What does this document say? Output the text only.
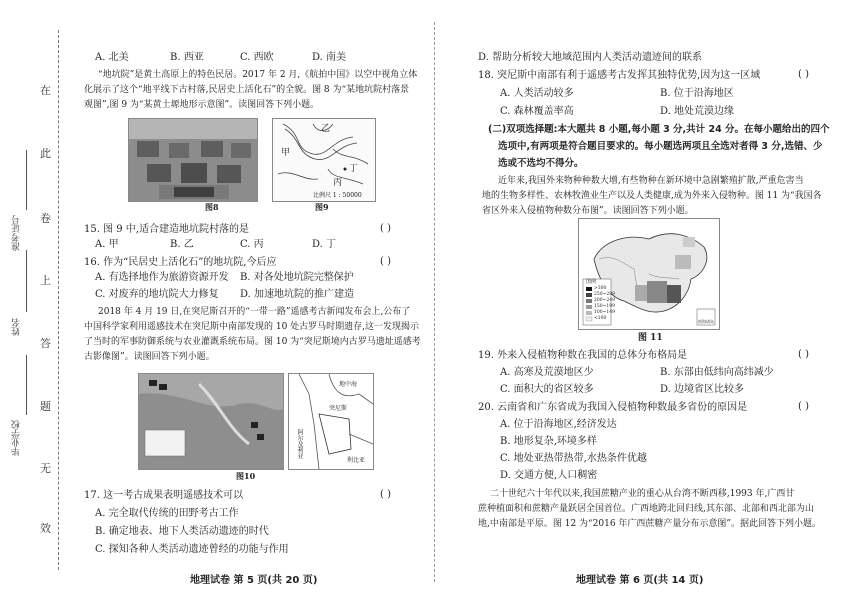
在
此
卷
上
答
题
无
效
准考证号
姓名
毕业学校
A. 北美	B. 西亚	C. 西欧	D. 南美
“地坑院”是黄土高原上的特色民居。2017 年 2 月,《航拍中国》以空中视角立体
化展示了这个“地平线下古村落,民居史上活化石”的全貌。图 8 为“某地坑院村落景
观图”,图 9 为“某黄土塬地形示意图”。读图回答下列小题。
图8
甲
乙
丙
丁
比例尺 1 : 50000
图9
15. 图 9 中,适合建造地坑院村落的是	( )
A. 甲	B. 乙	C. 丙	D. 丁
16. 作为“民居史上活化石”的地坑院,今后应	( )
A. 有选择地作为旅游资源开发 B. 对各处地坑院完整保护
C. 对废弃的地坑院大力修复 D. 加速地坑院的推广建造
2018 年 4 月 19 日,在突尼斯召开的“一带一路”遥感考古新闻发布会上,公布了
中国科学家利用遥感技术在突尼斯中南部发现的 10 处古罗马时期遗存,这一发现揭示
了当时的军事防御系统与农业灌溉系统布局。图 10 为“突尼斯境内古罗马遗址遥感考
古影像图”。读图回答下列小题。
突尼斯
阿尔及利亚
利比亚
地中海
图10
17. 这一考古成果表明遥感技术可以	( )
A. 完全取代传统的田野考古工作
B. 确定地表、地下人类活动遗迹的时代
C. 探知各种人类活动遗迹曾经的功能与作用
地理试卷 第 5 页(共 20 页)
D. 帮助分析较大地域范围内人类活动遗迹间的联系
18. 突尼斯中南部有利于遥感考古发挥其独特优势,因为这一区域	( )
A. 人类活动较多	B. 位于沿海地区
C. 森林覆盖率高	D. 地处荒漠边缘
(二)双项选择题:本大题共 8 小题,每小题 3 分,共计 24 分。在每小题给出的四个
选项中,有两项是符合题目要求的。每小题选两项且全选对者得 3 分,选错、少
选或不选均不得分。
近年来,我国外来物种种数大增,有些物种在新环境中急剧繁殖扩散,严重危害当
地的生物多样性、农林牧渔业生产以及人类健康,成为外来入侵物种。图 11 为“我国各
省区外来入侵植物种数分布图”。读图回答下列小题。
图例
>300
250~299
200~249
150~199
100~149
<100
南海诸岛
图 11
19. 外来入侵植物种数在我国的总体分布格局是	( )
A. 高寒及荒漠地区少	B. 东部由低纬向高纬减少
C. 面积大的省区较多	D. 边境省区比较多
20. 云南省和广东省成为我国入侵植物种数最多省份的原因是	( )
A. 位于沿海地区,经济发达
B. 地形复杂,环境多样
C. 地处亚热带热带,水热条件优越
D. 交通方便,人口稠密
二十世纪六十年代以来,我国蔗糖产业的重心从台湾不断西移,1993 年,广西甘
蔗种植面积和蔗糖产量跃居全国首位。广西地跨北回归线,其东部、北部和西北部为山
地,中南部是平原。图 12 为“2016 年广西蔗糖产量分布示意图”。据此回答下列小题。
地理试卷 第 6 页(共 14 页)
